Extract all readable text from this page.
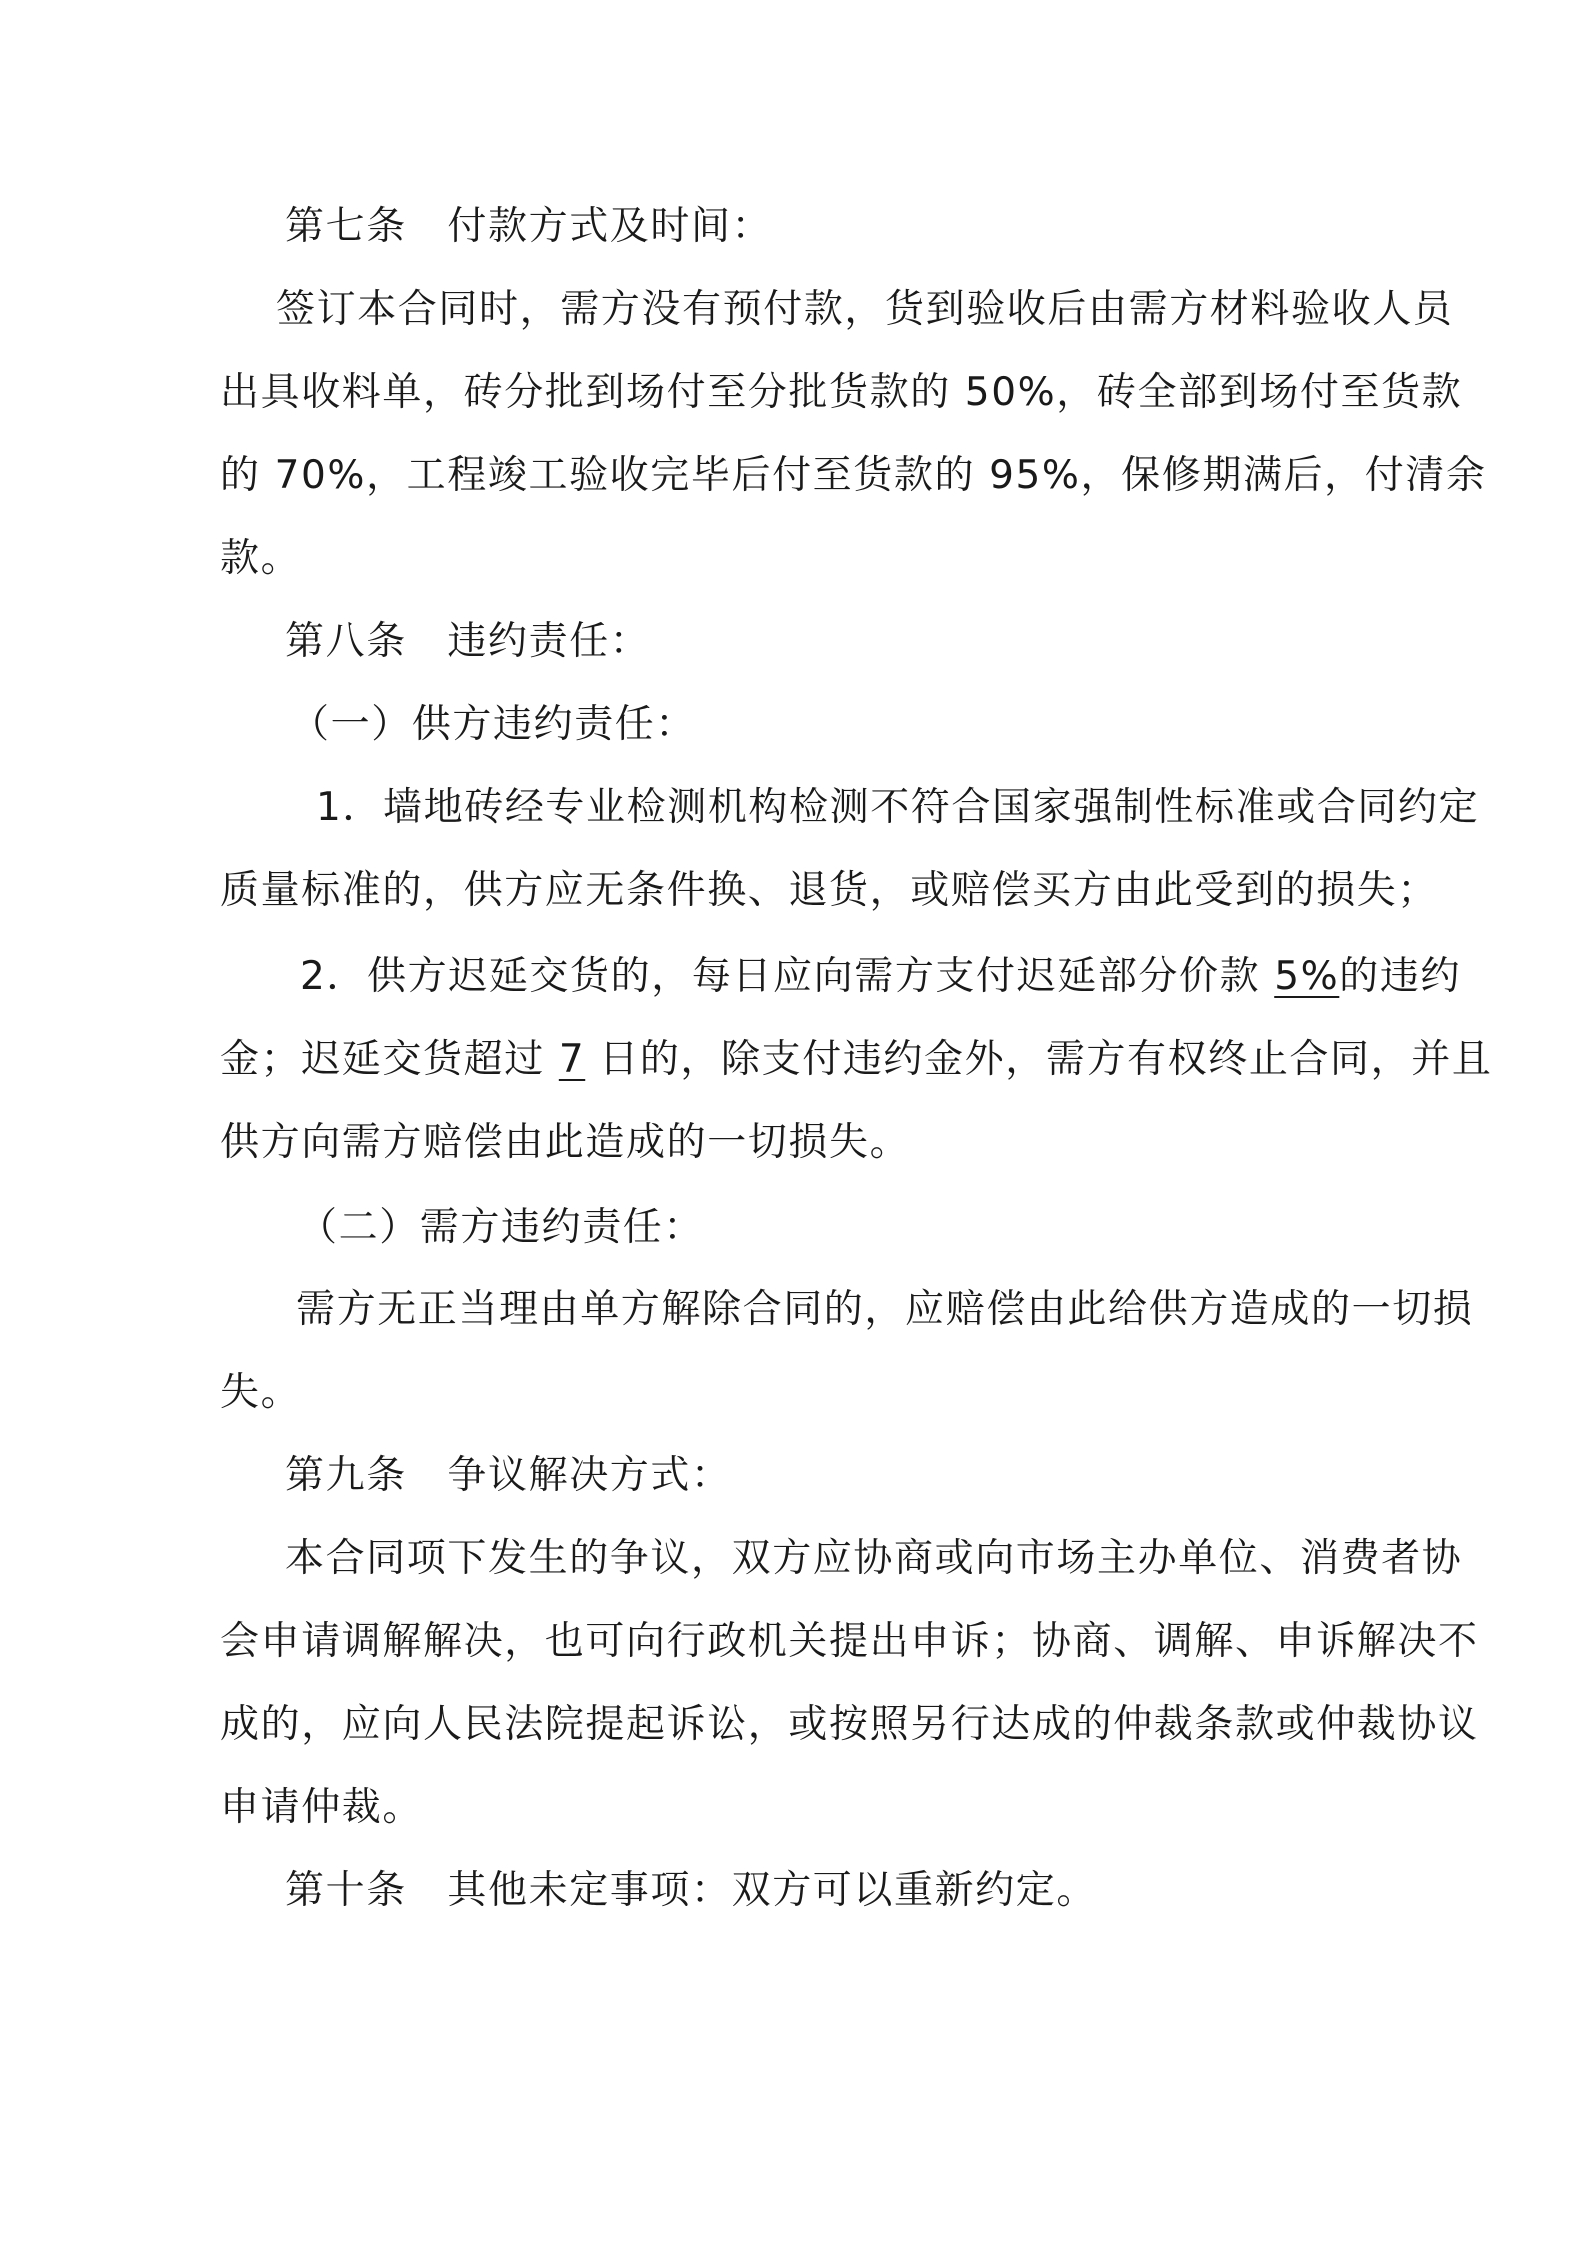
第七条　付款方式及时间：
签订本合同时，需方没有预付款，货到验收后由需方材料验收人员
出具收料单，砖分批到场付至分批货款的 50%，砖全部到场付至货款
的 70%，工程竣工验收完毕后付至货款的 95%，保修期满后，付清余
款。
第八条　违约责任：
（一）供方违约责任：
1．墙地砖经专业检测机构检测不符合国家强制性标准或合同约定
质量标准的，供方应无条件换、退货，或赔偿买方由此受到的损失；
2．供方迟延交货的，每日应向需方支付迟延部分价款 5%的违约
金；迟延交货超过 7 日的，除支付违约金外，需方有权终止合同，并且
供方向需方赔偿由此造成的一切损失。
（二）需方违约责任：
需方无正当理由单方解除合同的，应赔偿由此给供方造成的一切损
失。
第九条　争议解决方式：
本合同项下发生的争议，双方应协商或向市场主办单位、消费者协
会申请调解解决，也可向行政机关提出申诉；协商、调解、申诉解决不
成的，应向人民法院提起诉讼，或按照另行达成的仲裁条款或仲裁协议
申请仲裁。
第十条　其他未定事项：双方可以重新约定。
